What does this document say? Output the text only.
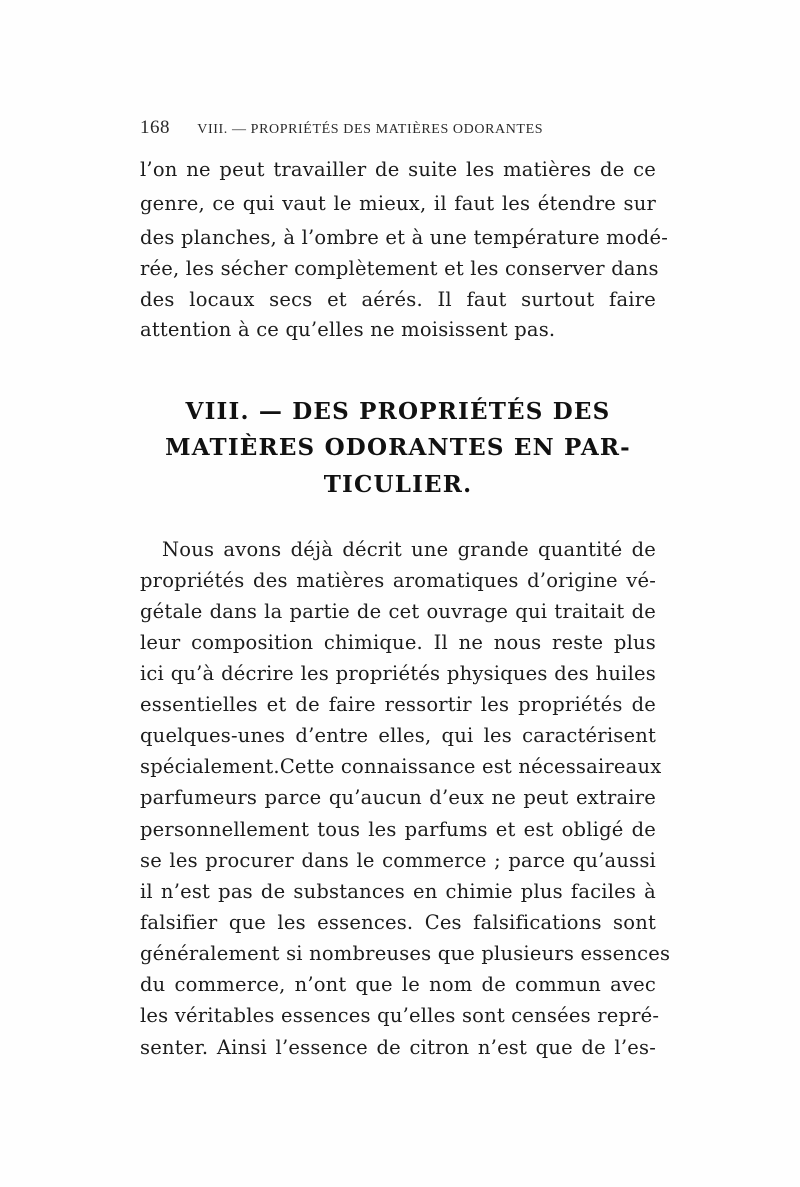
168 VIII. — PROPRIÉTÉS DES MATIÈRES ODORANTES
l’on ne peut travailler de suite les matières de ce
genre, ce qui vaut le mieux, il faut les étendre sur
des planches, à l’ombre et à une température modé-
rée, les sécher complètement et les conserver dans
des locaux secs et aérés. Il faut surtout faire
attention à ce qu’elles ne moisissent pas.
VIII. — DES PROPRIÉTÉS DES
MATIÈRES ODORANTES EN PAR-
TICULIER.
Nous avons déjà décrit une grande quantité de
propriétés des matières aromatiques d’origine vé-
gétale dans la partie de cet ouvrage qui traitait de
leur composition chimique. Il ne nous reste plus
ici qu’à décrire les propriétés physiques des huiles
essentielles et de faire ressortir les propriétés de
quelques-unes d’entre elles, qui les caractérisent
spécialement.Cette connaissance est nécessaireaux
parfumeurs parce qu’aucun d’eux ne peut extraire
personnellement tous les parfums et est obligé de
se les procurer dans le commerce ; parce qu’aussi
il n’est pas de substances en chimie plus faciles à
falsifier que les essences. Ces falsifications sont
généralement si nombreuses que plusieurs essences
du commerce, n’ont que le nom de commun avec
les véritables essences qu’elles sont censées repré-
senter. Ainsi l’essence de citron n’est que de l’es-
